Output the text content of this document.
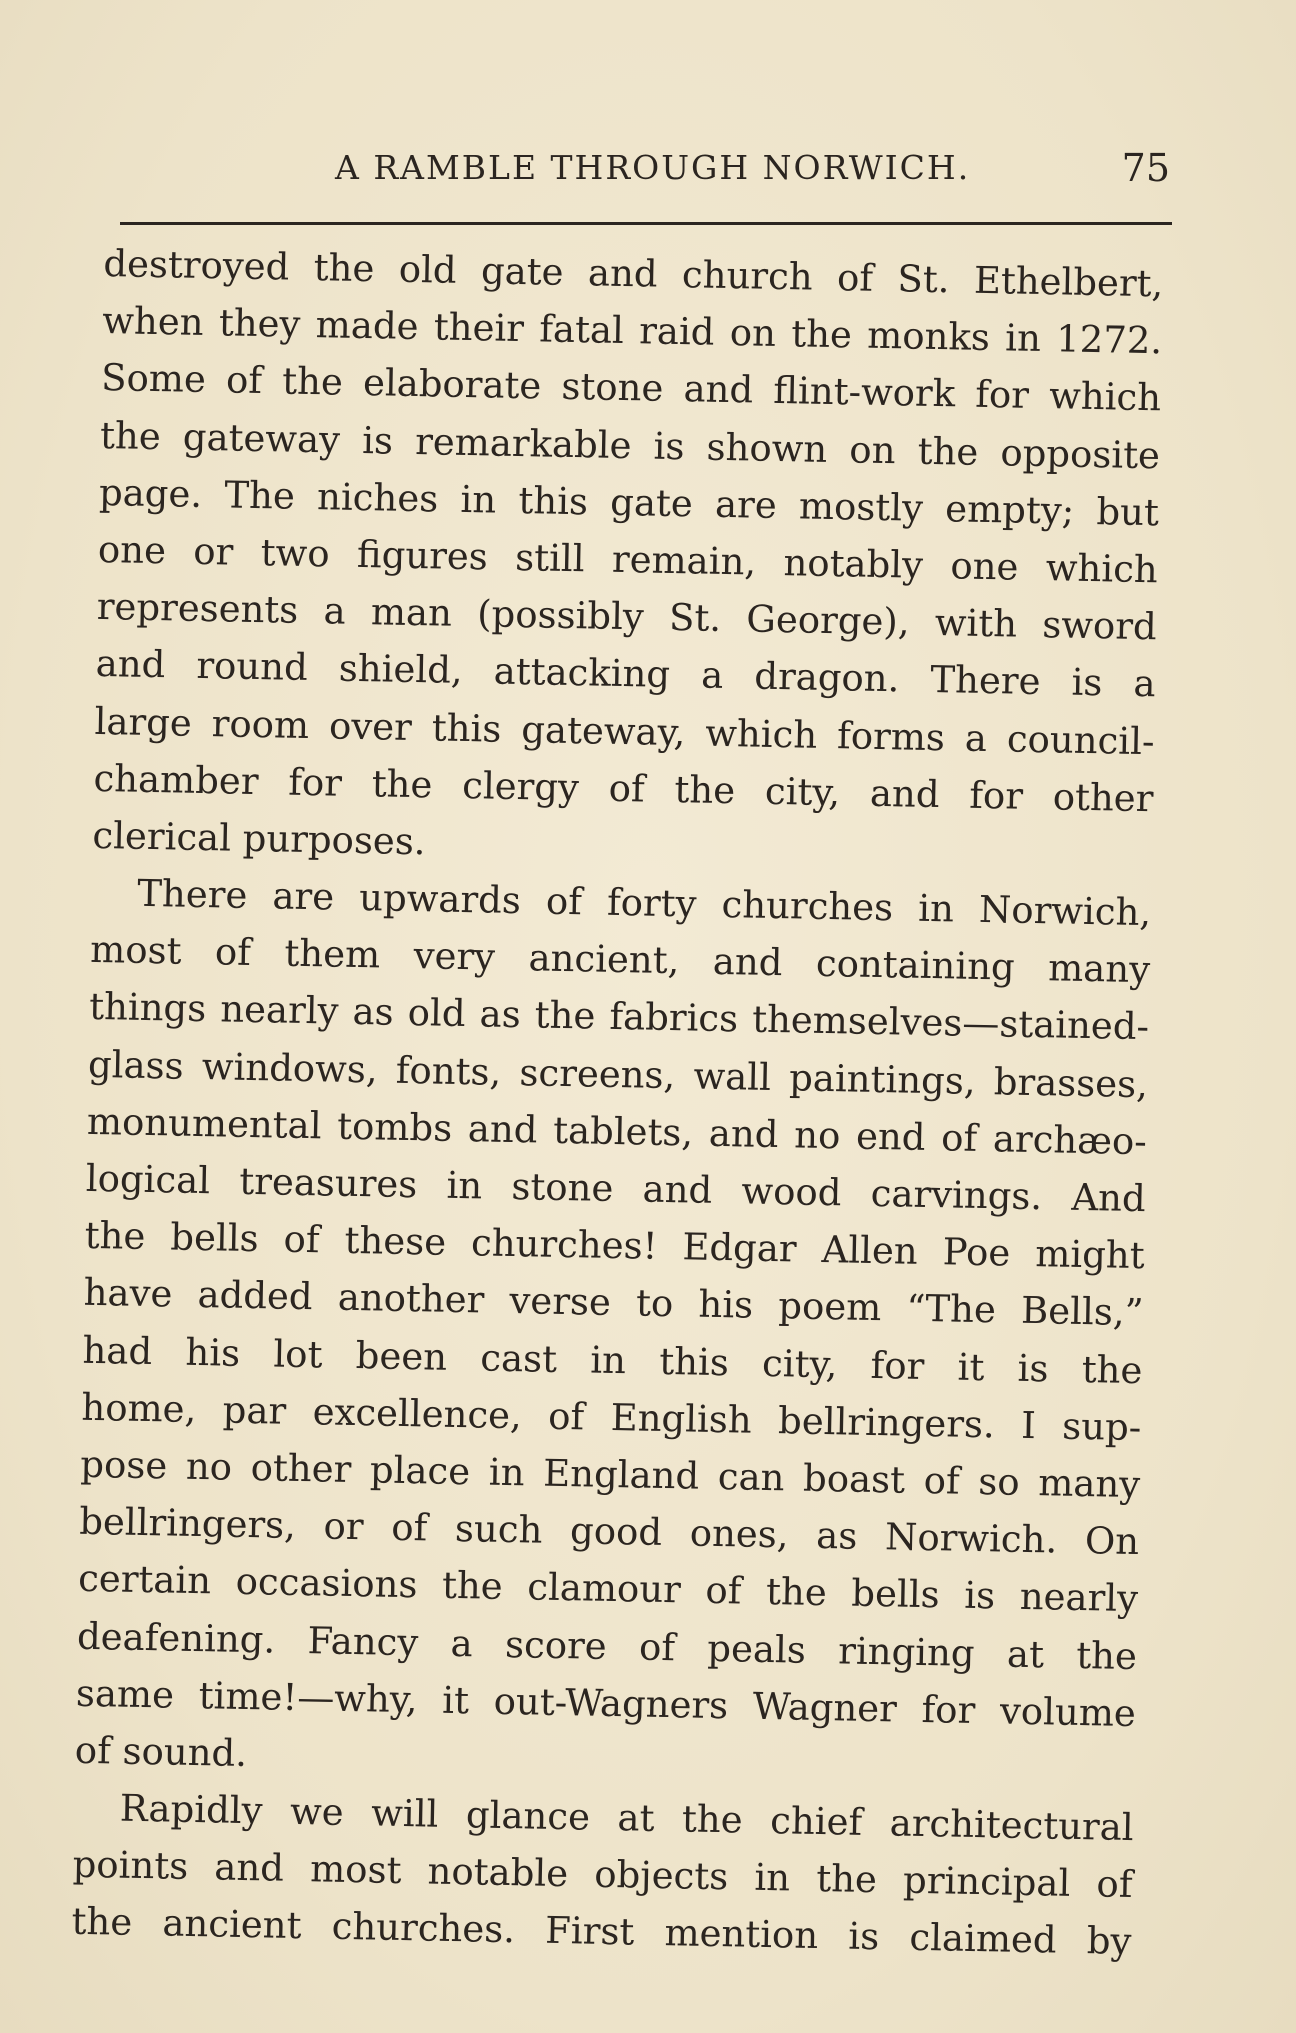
A RAMBLE THROUGH NORWICH.	75
destroyed the old gate and church of St. Ethelbert,
when they made their fatal raid on the monks in 1272.
Some of the elaborate stone and flint-work for which
the gateway is remarkable is shown on the opposite
page. The niches in this gate are mostly empty; but
one or two figures still remain, notably one which
represents a man (possibly St. George), with sword
and round shield, attacking a dragon. There is a
large room over this gateway, which forms a council-
chamber for the clergy of the city, and for other
clerical purposes.
There are upwards of forty churches in Norwich,
most of them very ancient, and containing many
things nearly as old as the fabrics themselves—stained-
glass windows, fonts, screens, wall paintings, brasses,
monumental tombs and tablets, and no end of archæo-
logical treasures in stone and wood carvings. And
the bells of these churches! Edgar Allen Poe might
have added another verse to his poem “The Bells,”
had his lot been cast in this city, for it is the
home, par excellence, of English bellringers. I sup-
pose no other place in England can boast of so many
bellringers, or of such good ones, as Norwich. On
certain occasions the clamour of the bells is nearly
deafening. Fancy a score of peals ringing at the
same time!—why, it out-Wagners Wagner for volume
of sound.
Rapidly we will glance at the chief architectural
points and most notable objects in the principal of
the ancient churches. First mention is claimed by
